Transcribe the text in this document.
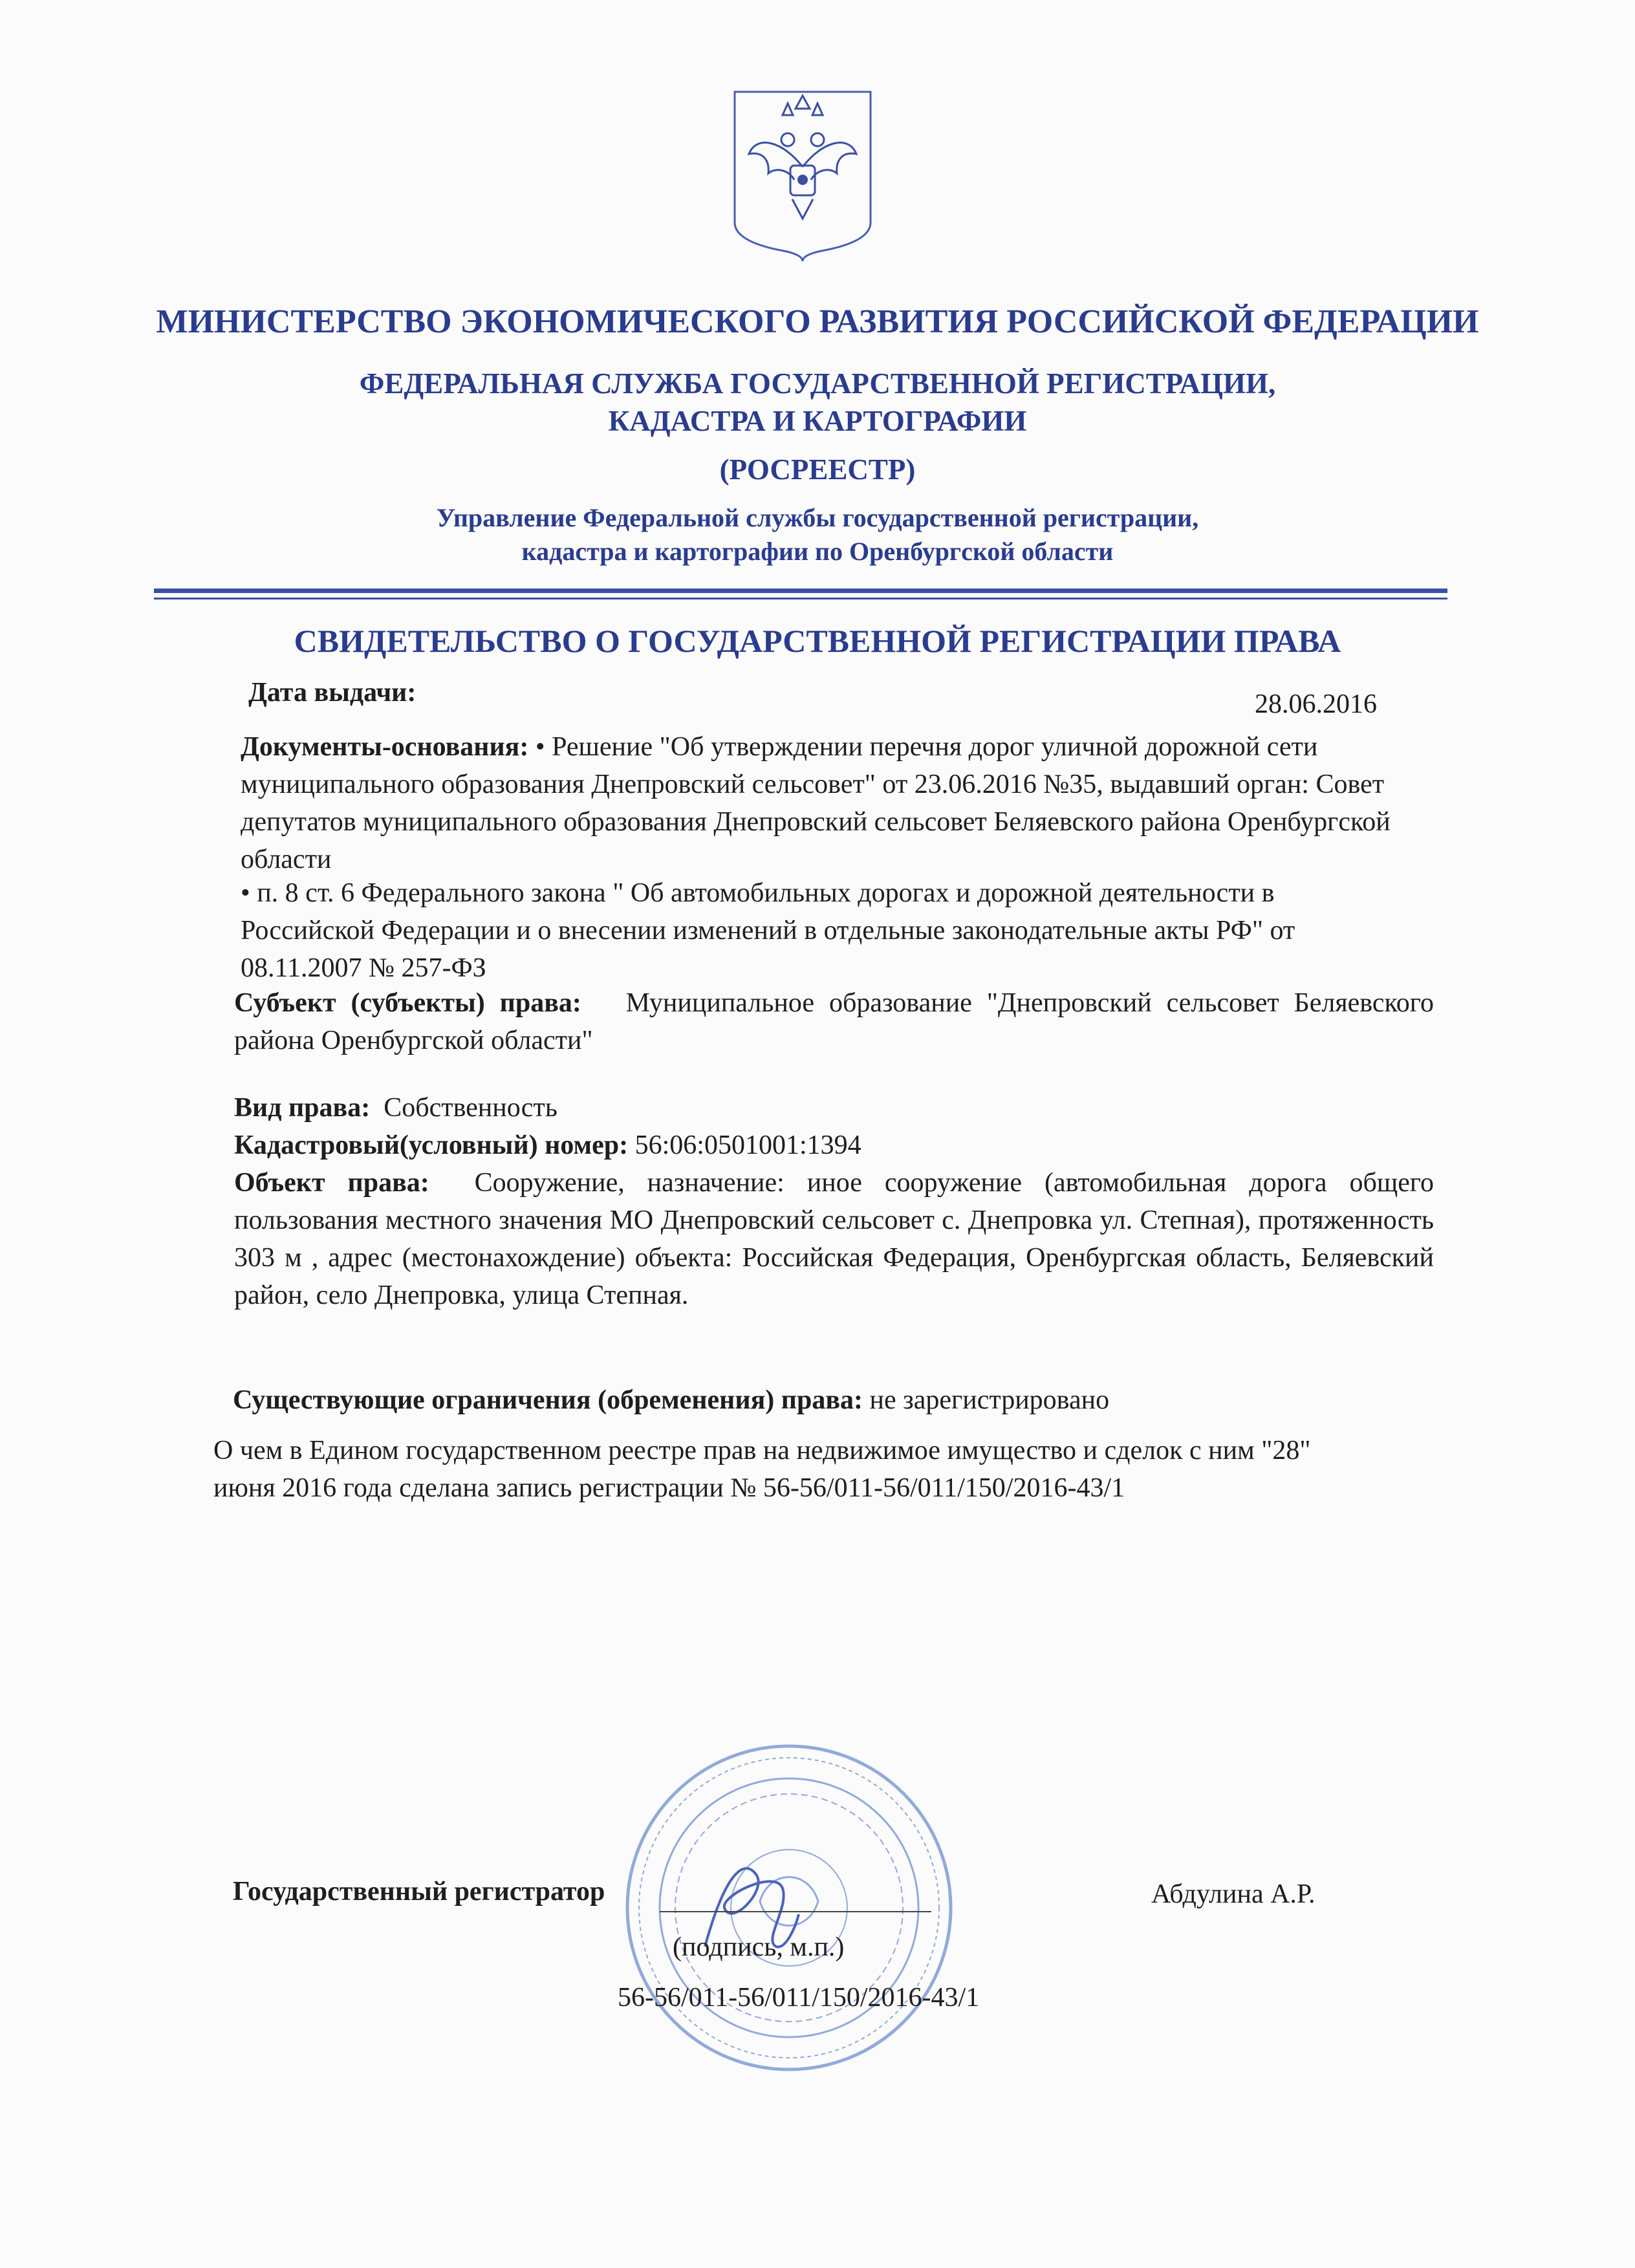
МИНИСТЕРСТВО ЭКОНОМИЧЕСКОГО РАЗВИТИЯ РОССИЙСКОЙ ФЕДЕРАЦИИ
ФЕДЕРАЛЬНАЯ СЛУЖБА ГОСУДАРСТВЕННОЙ РЕГИСТРАЦИИ,
КАДАСТРА И КАРТОГРАФИИ
(РОСРЕЕСТР)
Управление Федеральной службы государственной регистрации,
кадастра и картографии по Оренбургской области
СВИДЕТЕЛЬСТВО О ГОСУДАРСТВЕННОЙ РЕГИСТРАЦИИ ПРАВА
Дата выдачи:	28.06.2016
Документы-основания: • Решение "Об утверждении перечня дорог уличной дорожной сети муниципального образования Днепровский сельсовет" от 23.06.2016 №35, выдавший орган: Совет депутатов муниципального образования Днепровский сельсовет Беляевского района Оренбургской области
• п. 8 ст. 6 Федерального закона " Об автомобильных дорогах и дорожной деятельности в Российской Федерации и о внесении изменений в отдельные законодательные акты РФ" от 08.11.2007 № 257-ФЗ
Субъект (субъекты) права: Муниципальное образование "Днепровский сельсовет Беляевского района Оренбургской области"
Вид права: Собственность
Кадастровый(условный) номер: 56:06:0501001:1394
Объект права: Сооружение, назначение: иное сооружение (автомобильная дорога общего пользования местного значения МО Днепровский сельсовет с. Днепровка ул. Степная), протяженность 303 м , адрес (местонахождение) объекта: Российская Федерация, Оренбургская область, Беляевский район, село Днепровка, улица Степная.
Существующие ограничения (обременения) права: не зарегистрировано
О чем в Едином государственном реестре прав на недвижимое имущество и сделок с ним "28"
июня 2016 года сделана запись регистрации № 56-56/011-56/011/150/2016-43/1
Государственный регистратор	Абдулина А.Р.
(подпись, м.п.)
56-56/011-56/011/150/2016-43/1
